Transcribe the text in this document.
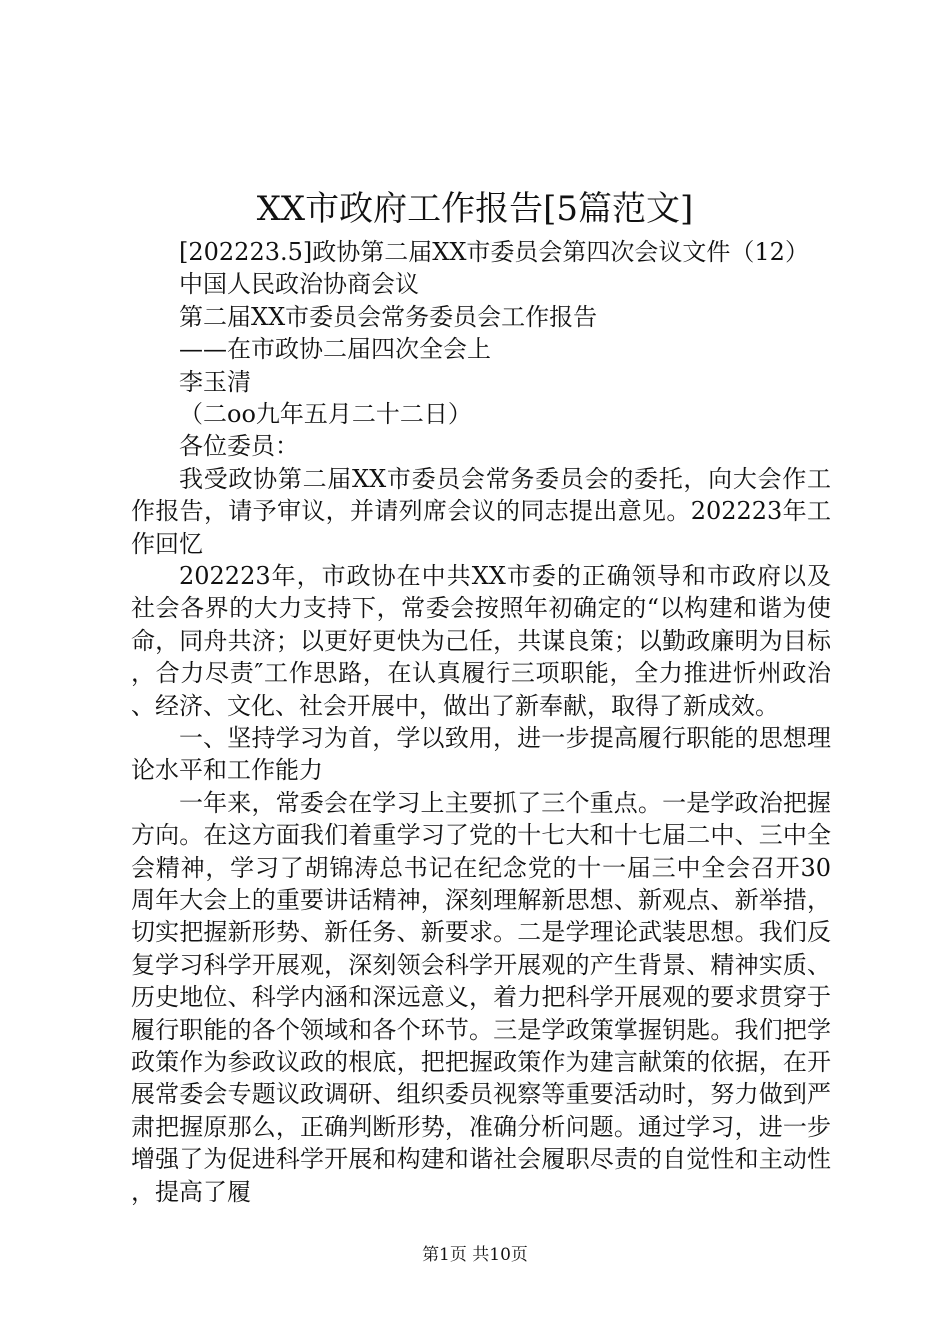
XX市政府工作报告[5篇范文]

[202223.5]政协第二届XX市委员会第四次会议文件（12）

中国人民政治协商会议

第二届XX市委员会常务委员会工作报告

——在市政协二届四次全会上

李玉清

（二oo九年五月二十二日）

各位委员：

我受政协第二届XX市委员会常务委员会的委托，向大会作工作报告，请予审议，并请列席会议的同志提出意见。202223年工作回忆

202223年，市政协在中共XX市委的正确领导和市政府以及社会各界的大力支持下，常委会按照年初确定的“以构建和谐为使命，同舟共济；以更好更快为己任，共谋良策；以勤政廉明为目标，合力尽责″工作思路，在认真履行三项职能，全力推进忻州政治、经济、文化、社会开展中，做出了新奉献，取得了新成效。

一、坚持学习为首，学以致用，进一步提高履行职能的思想理论水平和工作能力

一年来，常委会在学习上主要抓了三个重点。一是学政治把握方向。在这方面我们着重学习了党的十七大和十七届二中、三中全会精神，学习了胡锦涛总书记在纪念党的十一届三中全会召开30周年大会上的重要讲话精神，深刻理解新思想、新观点、新举措，切实把握新形势、新任务、新要求。二是学理论武装思想。我们反复学习科学开展观，深刻领会科学开展观的产生背景、精神实质、历史地位、科学内涵和深远意义，着力把科学开展观的要求贯穿于履行职能的各个领域和各个环节。三是学政策掌握钥匙。我们把学政策作为参政议政的根底，把把握政策作为建言献策的依据，在开展常委会专题议政调研、组织委员视察等重要活动时，努力做到严肃把握原那么，正确判断形势，准确分析问题。通过学习，进一步增强了为促进科学开展和构建和谐社会履职尽责的自觉性和主动性，提高了履

第1页 共10页
